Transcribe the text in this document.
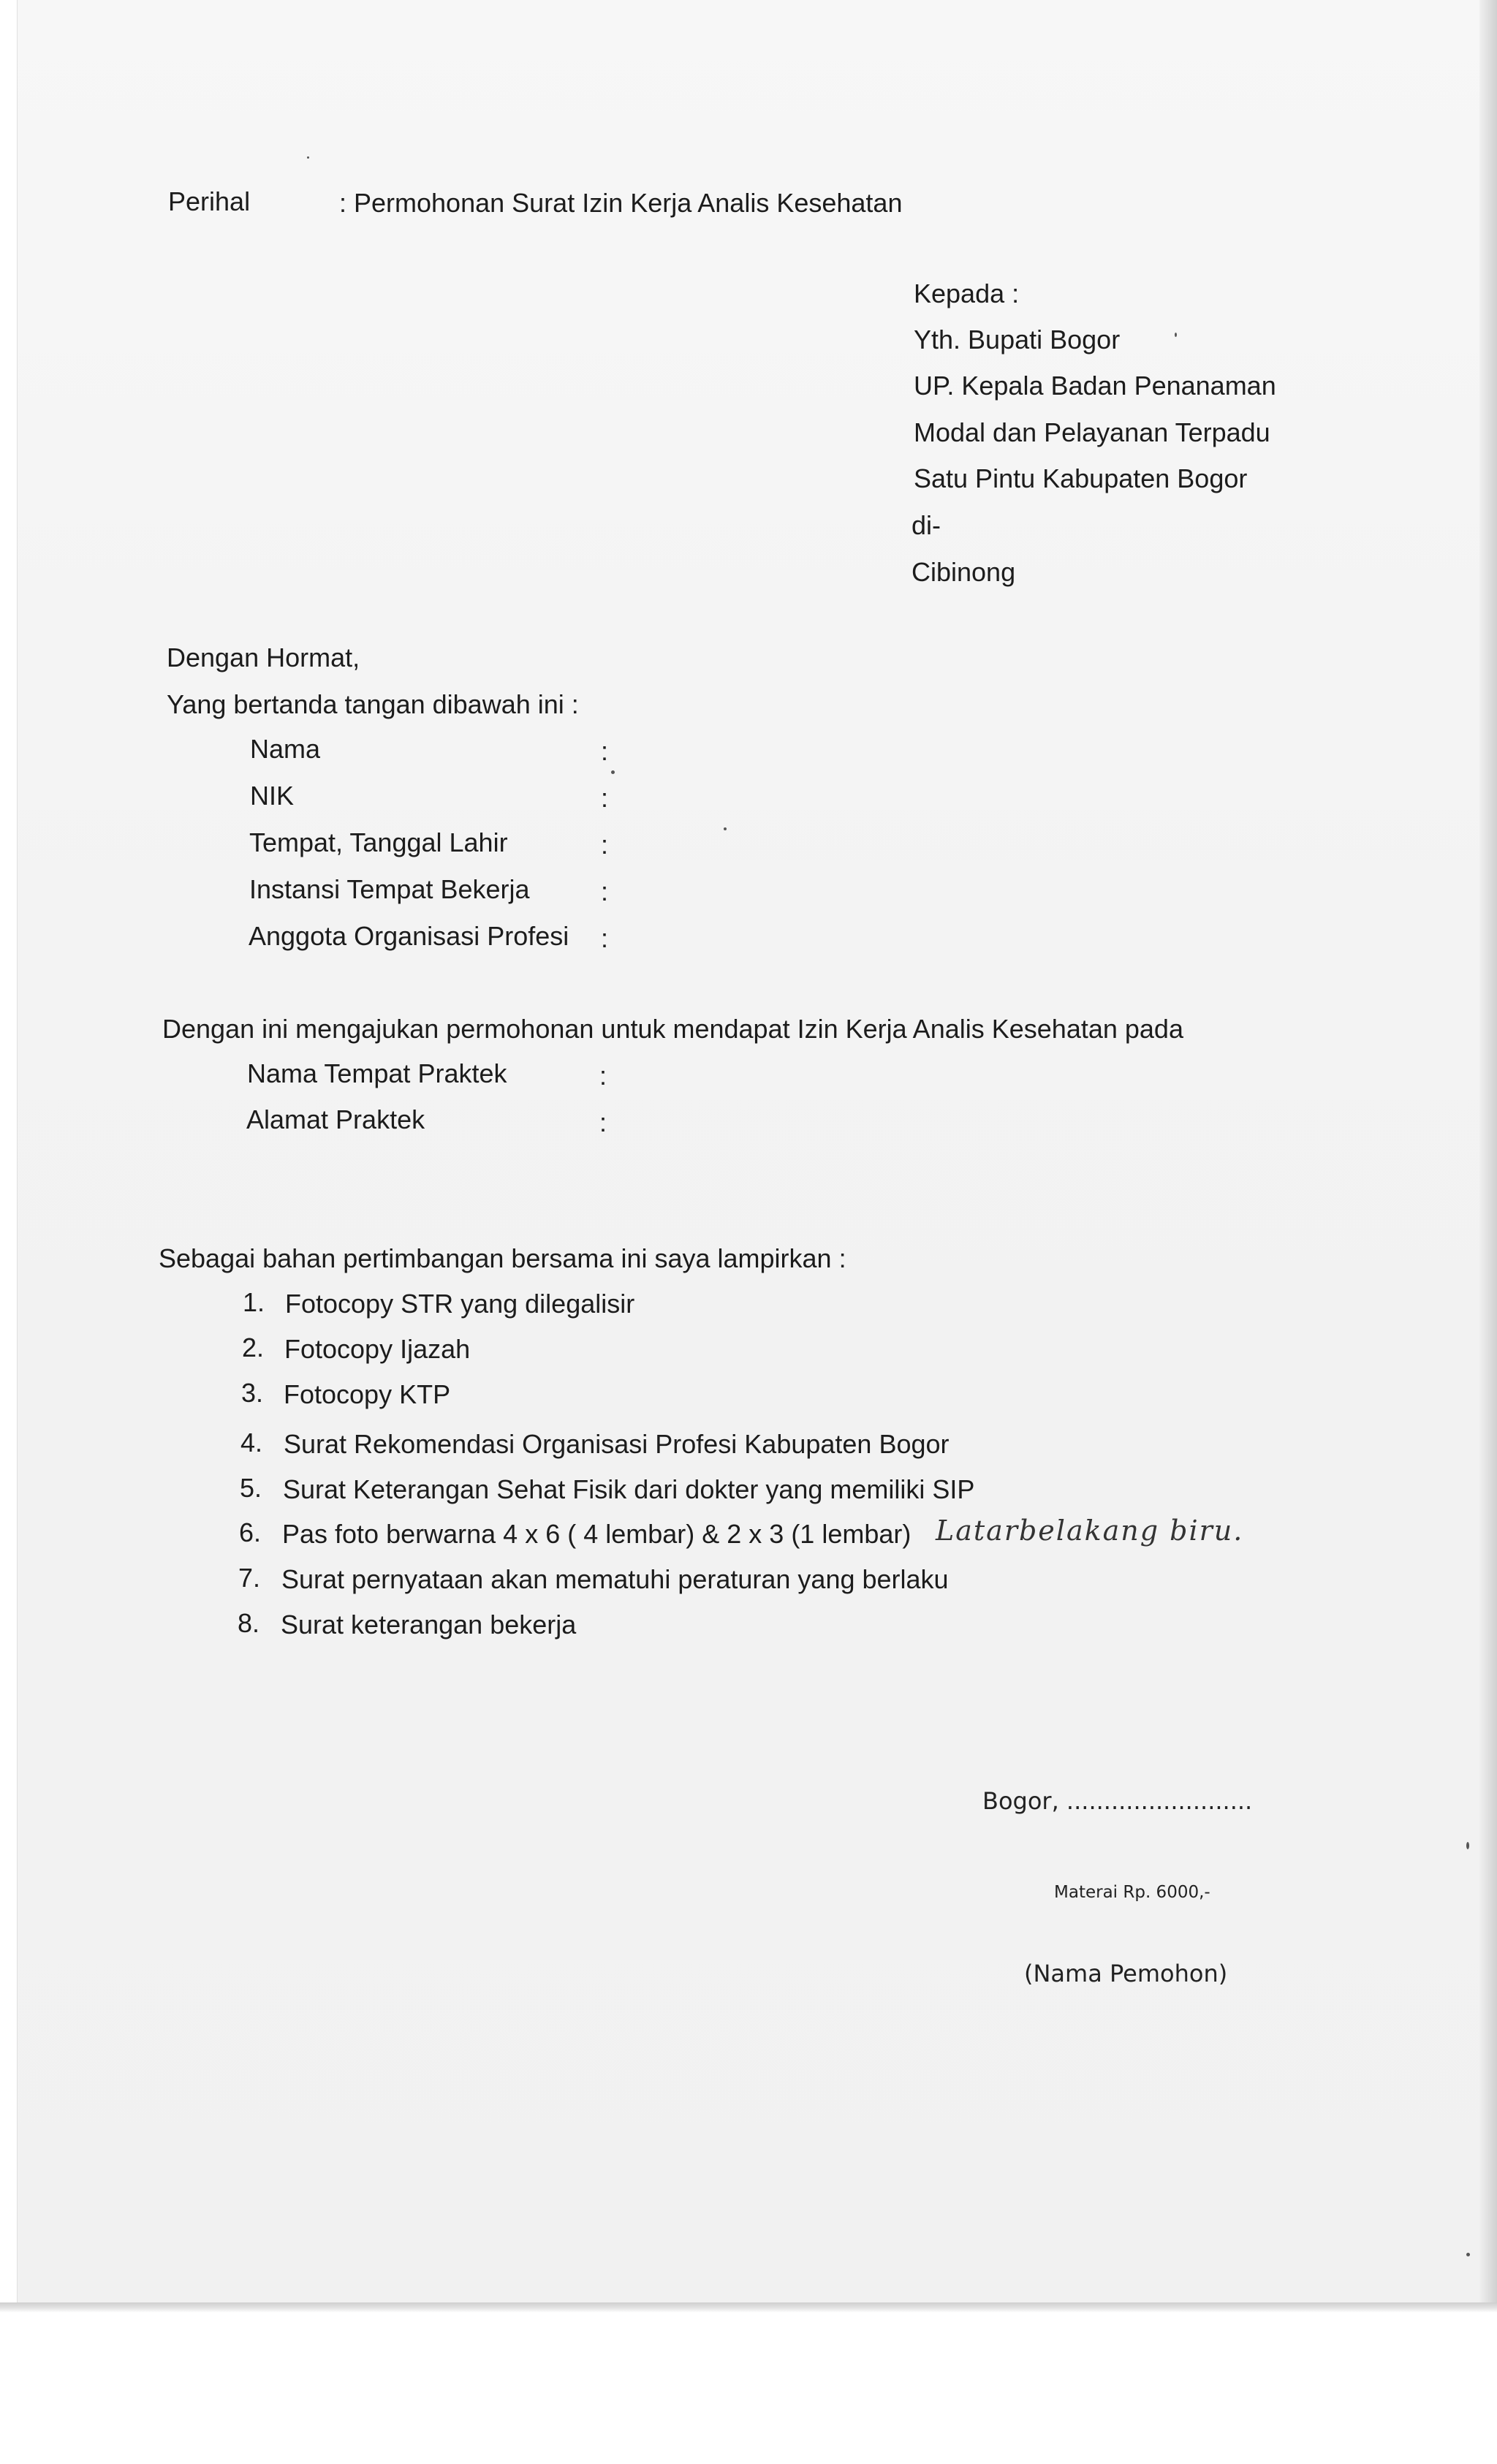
Perihal	: Permohonan Surat Izin Kerja Analis Kesehatan
Kepada :
Yth. Bupati Bogor
UP. Kepala Badan Penanaman
Modal dan Pelayanan Terpadu
Satu Pintu Kabupaten Bogor
di-
Cibinong
Dengan Hormat,
Yang bertanda tangan dibawah ini :
Nama	:
NIK	:
Tempat, Tanggal Lahir	:
Instansi Tempat Bekerja	:
Anggota Organisasi Profesi :
Dengan ini mengajukan permohonan untuk mendapat Izin Kerja Analis Kesehatan pada
Nama Tempat Praktek	:
Alamat Praktek	:
Sebagai bahan pertimbangan bersama ini saya lampirkan :
1. Fotocopy STR yang dilegalisir
2. Fotocopy Ijazah
3. Fotocopy KTP
4. Surat Rekomendasi Organisasi Profesi Kabupaten Bogor
5. Surat Keterangan Sehat Fisik dari dokter yang memiliki SIP
6. Pas foto berwarna 4 x 6 ( 4 lembar) & 2 x 3 (1 lembar) Latarbelakang biru.
7. Surat pernyataan akan mematuhi peraturan yang berlaku
8. Surat keterangan bekerja
Bogor, .........................
Materai Rp. 6000,-
(Nama Pemohon)
